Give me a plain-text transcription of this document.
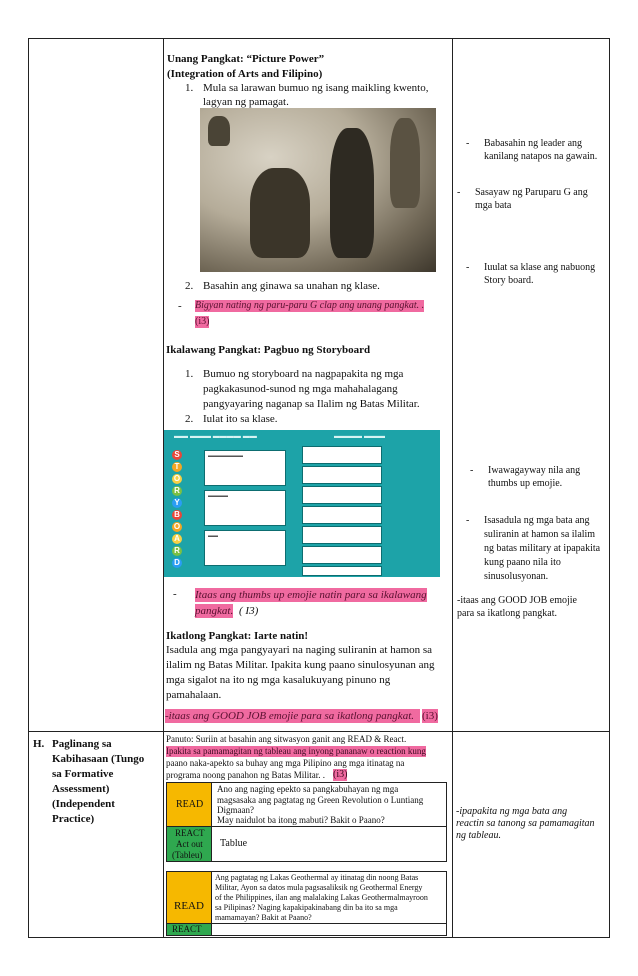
Unang Pangkat: “Picture Power”
(Integration of Arts and Filipino)
1. Mula sa larawan bumuo ng isang maikling kwento,
lagyan ng pamagat.
2. Basahin ang ginawa sa unahan ng klase.
- Bigyan nating ng paru-paru G clap ang unang pangkat. .
(i3)
Ikalawang Pangkat: Pagbuo ng Storyboard
1. Bumuo ng storyboard na nagpapakita ng mga
pagkakasunod-sunod ng mga mahahalagang
pangyayaring naganap sa Ilalim ng Batas Militar.
2. Iulat ito sa klase.
▬▬ ▬▬▬ ▬▬▬▬ ▬▬	▬▬▬▬ ▬▬▬
S
T
O
R
Y
B
O
A
R
D
▬▬▬▬▬▬▬
▬▬▬▬
▬▬
- Itaas ang thumbs up emojie natin para sa ikalawang
pangkat. ( I3)
Ikatlong Pangkat: Iarte natin!
Isadula ang mga pangyayari na naging suliranin at hamon sa
ilalim ng Batas Militar. Ipakita kung paano sinulosyunan ang
mga sigalot na ito ng mga kasalukuyang pinuno ng
pamahalaan.
-itaas ang GOOD JOB emojie para sa ikatlong pangkat. (i3)
- Babasahin ng leader ang
kanilang natapos na gawain.
- Sasayaw ng Paruparu G ang
mga bata
- Iuulat sa klase ang nabuong
Story board.
- Iwawagayway nila ang
thumbs up emojie.
- Isasadula ng mga bata ang
suliranin at hamon sa ilalim
ng batas military at ipapakita
kung paano nila ito
sinusolusyonan.
-itaas ang GOOD JOB emojie
para sa ikatlong pangkat.
H. Paglinang sa
Kabihasaan (Tungo
sa Formative
Assessment)
(Independent
Practice)
Panuto: Suriin at basahin ang sitwasyon ganit ang READ & React.
Ipakita sa pamamagitan ng tableau ang inyong pananaw o reaction kung
paano naka-apekto sa buhay ang mga Pilipino ang mga itinatag na
programa noong panahon ng Batas Militar. . (i3)
READ
Ano ang naging epekto sa pangkabuhayan ng mga
magsasaka ang pagtatag ng Green Revolution o Luntiang
Digmaan?
May naidulot ba itong mabuti? Bakit o Paano?
REACT
Act out
(Tableu)
Tablue
READ
Ang pagtatag ng Lakas Geothermal ay itinatag din noong Batas
Militar, Ayon sa datos mula pagsasaliksik ng Geothermal Energy
of the Philippines, ilan ang malalaking Lakas Geothermalmayroon
sa Pilipinas? Naging kapakipakinabang din ba ito sa mga
mamamayan? Bakit at Paano?
REACT
-ipapakita ng mga bata ang
reactin sa tanong sa pamamagitan
ng tableau.
